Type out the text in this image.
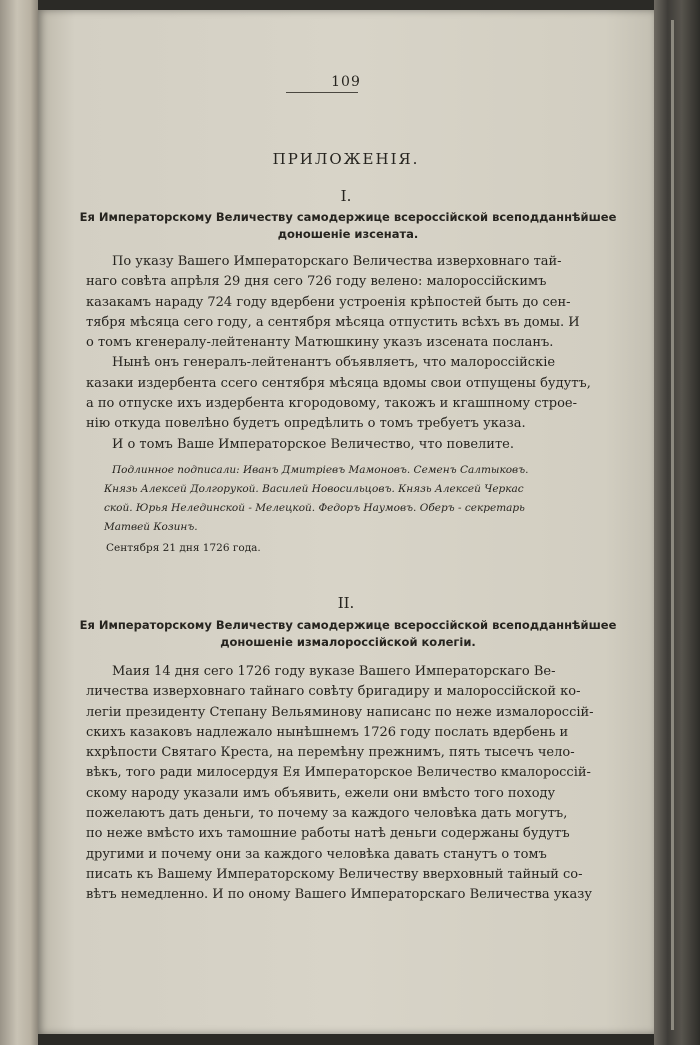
109
ПРИЛОЖЕНІЯ.
I.
Ея Императорскому Величеству самодержице всероссійской всеподданнѣйшее
доношеніе изсената.
По указу Вашего Императорскаго Величества изверховнаго тай-
наго совѣта апрѣля 29 дня сего 726 году велено: малороссійскимъ
казакамъ нараду 724 году вдербени устроенія крѣпостей быть до сен-
тября мѣсяца сего году, а сентября мѣсяца отпустить всѣхъ въ домы. И
о томъ кгенералу-лейтенанту Матюшкину указъ изсената посланъ.
Нынѣ онъ генералъ-лейтенантъ объявляетъ, что малороссійскіе
казаки издербента ссего сентября мѣсяца вдомы свои отпущены будутъ,
а по отпуске ихъ издербента кгородовому, такожъ и кгашпному строе-
нію откуда повелѣно будетъ опредѣлить о томъ требуетъ указа.
И о томъ Ваше Императорское Величество, что повелите.
Подлинное подписали: Иванъ Дмитріевъ Мамоновъ. Семенъ Салтыковъ.
Князь Алексей Долгорукой. Василей Новосильцовъ. Князь Алексей Черкас
ской. Юрья Нелединской - Мелецкой. Федоръ Наумовъ. Оберъ - секретарь
Матвей Козинъ.
Сентября 21 дня 1726 года.
II.
Ея Императорскому Величеству самодержице всероссійской всеподданнѣйшее
доношеніе измалороссійской колегіи.
Маия 14 дня сего 1726 году вуказе Вашего Императорскаго Ве-
личества изверховнаго тайнаго совѣту бригадиру и малороссійской ко-
легіи президенту Степану Вельяминову написанс по неже измалороссій-
скихъ казаковъ надлежало нынѣшнемъ 1726 году послать вдербень и
кхрѣпости Святаго Креста, на перемѣну прежнимъ, пять тысечъ чело-
вѣкъ, того ради милосердуя Ея Императорское Величество кмалороссій-
скому народу указали имъ объявить, ежели они вмѣсто того походу
пожелаютъ дать деньги, то почему за каждого человѣка дать могутъ,
по неже вмѣсто ихъ тамошние работы натѣ деньги содержаны будутъ
другими и почему они за каждого человѣка давать станутъ о томъ
писать къ Вашему Императорскому Величеству вверховный тайный со-
вѣтъ немедленно. И по оному Вашего Императорскаго Величества указу
